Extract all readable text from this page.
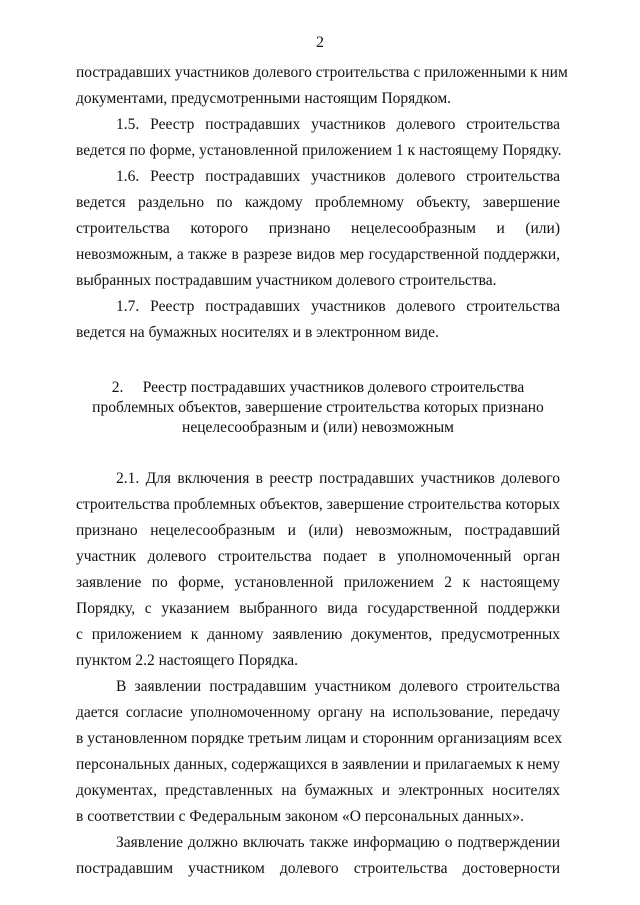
2
пострадавших участников долевого строительства с приложенными к ним
документами, предусмотренными настоящим Порядком.
1.5. Реестр пострадавших участников долевого строительства
ведется по форме, установленной приложением 1 к настоящему Порядку.
1.6. Реестр пострадавших участников долевого строительства
ведется раздельно по каждому проблемному объекту, завершение
строительства которого признано нецелесообразным и (или)
невозможным, а также в разрезе видов мер государственной поддержки,
выбранных пострадавшим участником долевого строительства.
1.7. Реестр пострадавших участников долевого строительства
ведется на бумажных носителях и в электронном виде.
2.     Реестр пострадавших участников долевого строительства
проблемных объектов, завершение строительства которых признано
нецелесообразным и (или) невозможным
2.1. Для включения в реестр пострадавших участников долевого
строительства проблемных объектов, завершение строительства которых
признано нецелесообразным и (или) невозможным, пострадавший
участник долевого строительства подает в уполномоченный орган
заявление по форме, установленной приложением 2 к настоящему
Порядку, с указанием выбранного вида государственной поддержки
с приложением к данному заявлению документов, предусмотренных
пунктом 2.2 настоящего Порядка.
В заявлении пострадавшим участником долевого строительства
дается согласие уполномоченному органу на использование, передачу
в установленном порядке третьим лицам и сторонним организациям всех
персональных данных, содержащихся в заявлении и прилагаемых к нему
документах, представленных на бумажных и электронных носителях
в соответствии с Федеральным законом «О персональных данных».
Заявление должно включать также информацию о подтверждении
пострадавшим участником долевого строительства достоверности
